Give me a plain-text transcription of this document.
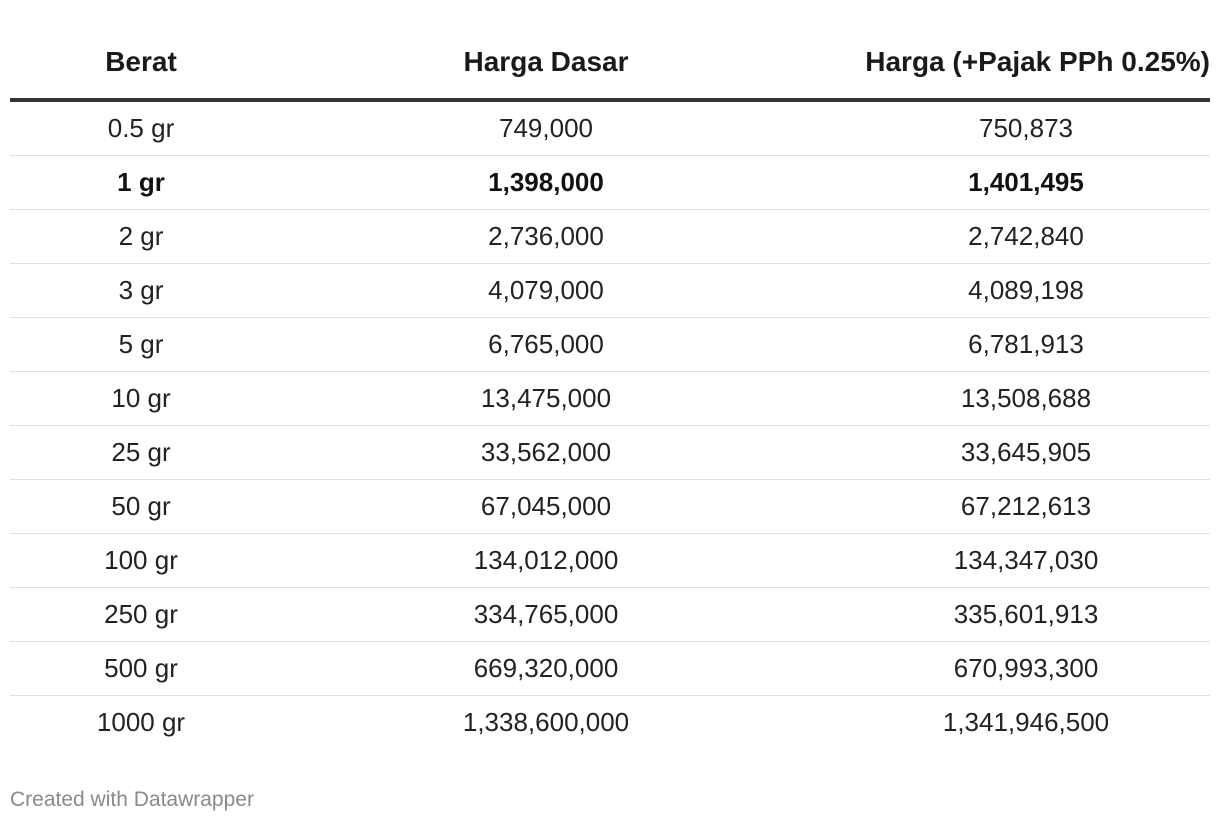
Berat	Harga Dasar	Harga (+Pajak PPh 0.25%)
0.5 gr	749,000	750,873
1 gr	1,398,000	1,401,495
2 gr	2,736,000	2,742,840
3 gr	4,079,000	4,089,198
5 gr	6,765,000	6,781,913
10 gr	13,475,000	13,508,688
25 gr	33,562,000	33,645,905
50 gr	67,045,000	67,212,613
100 gr	134,012,000	134,347,030
250 gr	334,765,000	335,601,913
500 gr	669,320,000	670,993,300
1000 gr	1,338,600,000	1,341,946,500
Created with Datawrapper
